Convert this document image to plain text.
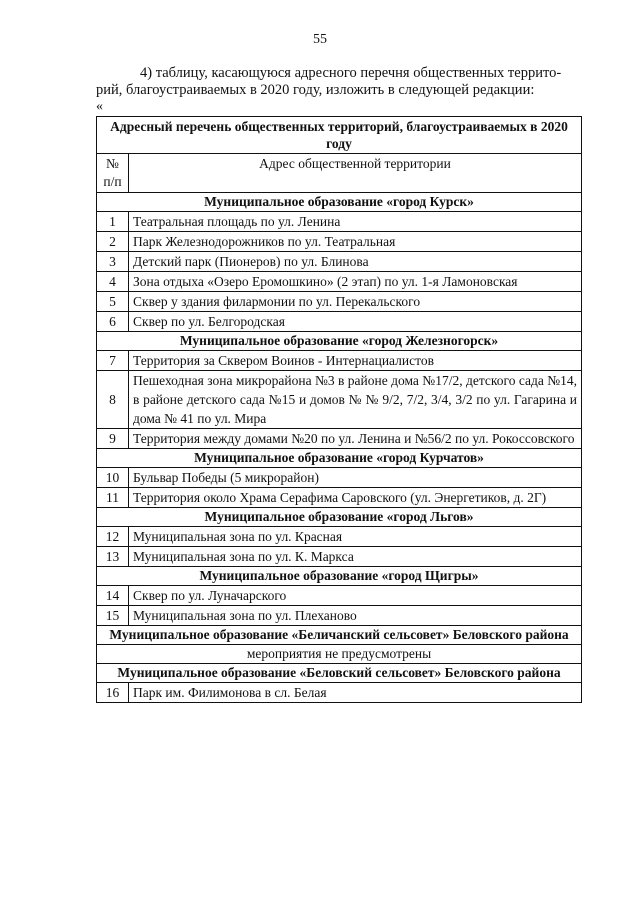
55
4) таблицу, касающуюся адресного перечня общественных террито-
рий, благоустраиваемых в 2020 году, изложить в следующей редакции:
«
Адресный перечень общественных территорий, благоустраиваемых в 2020 году	
№ п/п	Адрес общественной территории
Муниципальное образование «город Курск»	
1	Театральная площадь по ул. Ленина
2	Парк Железнодорожников по ул. Театральная
3	Детский парк (Пионеров) по ул. Блинова
4	Зона отдыха «Озеро Еромошкино» (2 этап) по ул. 1-я Ламоновская
5	Сквер у здания филармонии по ул. Перекальского
6	Сквер по ул. Белгородская
Муниципальное образование «город Железногорск»	
7	Территория за Сквером Воинов - Интернациалистов
8	Пешеходная зона микрорайона №3 в районе дома №17/2, детского сада №14, в районе детского сада №15 и домов № № 9/2, 7/2, 3/4, 3/2 по ул. Гагарина и дома № 41 по ул. Мира
9	Территория между домами №20 по ул. Ленина и №56/2 по ул. Рокоссовского
Муниципальное образование «город Курчатов»	
10	Бульвар Победы (5 микрорайон)
11	Территория около Храма Серафима Саровского (ул. Энергетиков, д. 2Г)
Муниципальное образование «город Льгов»	
12	Муниципальная зона по ул. Красная
13	Муниципальная зона по ул. К. Маркса
Муниципальное образование «город Щигры»	
14	Сквер по ул. Луначарского
15	Муниципальная зона по ул. Плеханово
Муниципальное образование «Беличанский сельсовет» Беловского района	
мероприятия не предусмотрены	
Муниципальное образование «Беловский сельсовет» Беловского района	
16	Парк им. Филимонова в сл. Белая
